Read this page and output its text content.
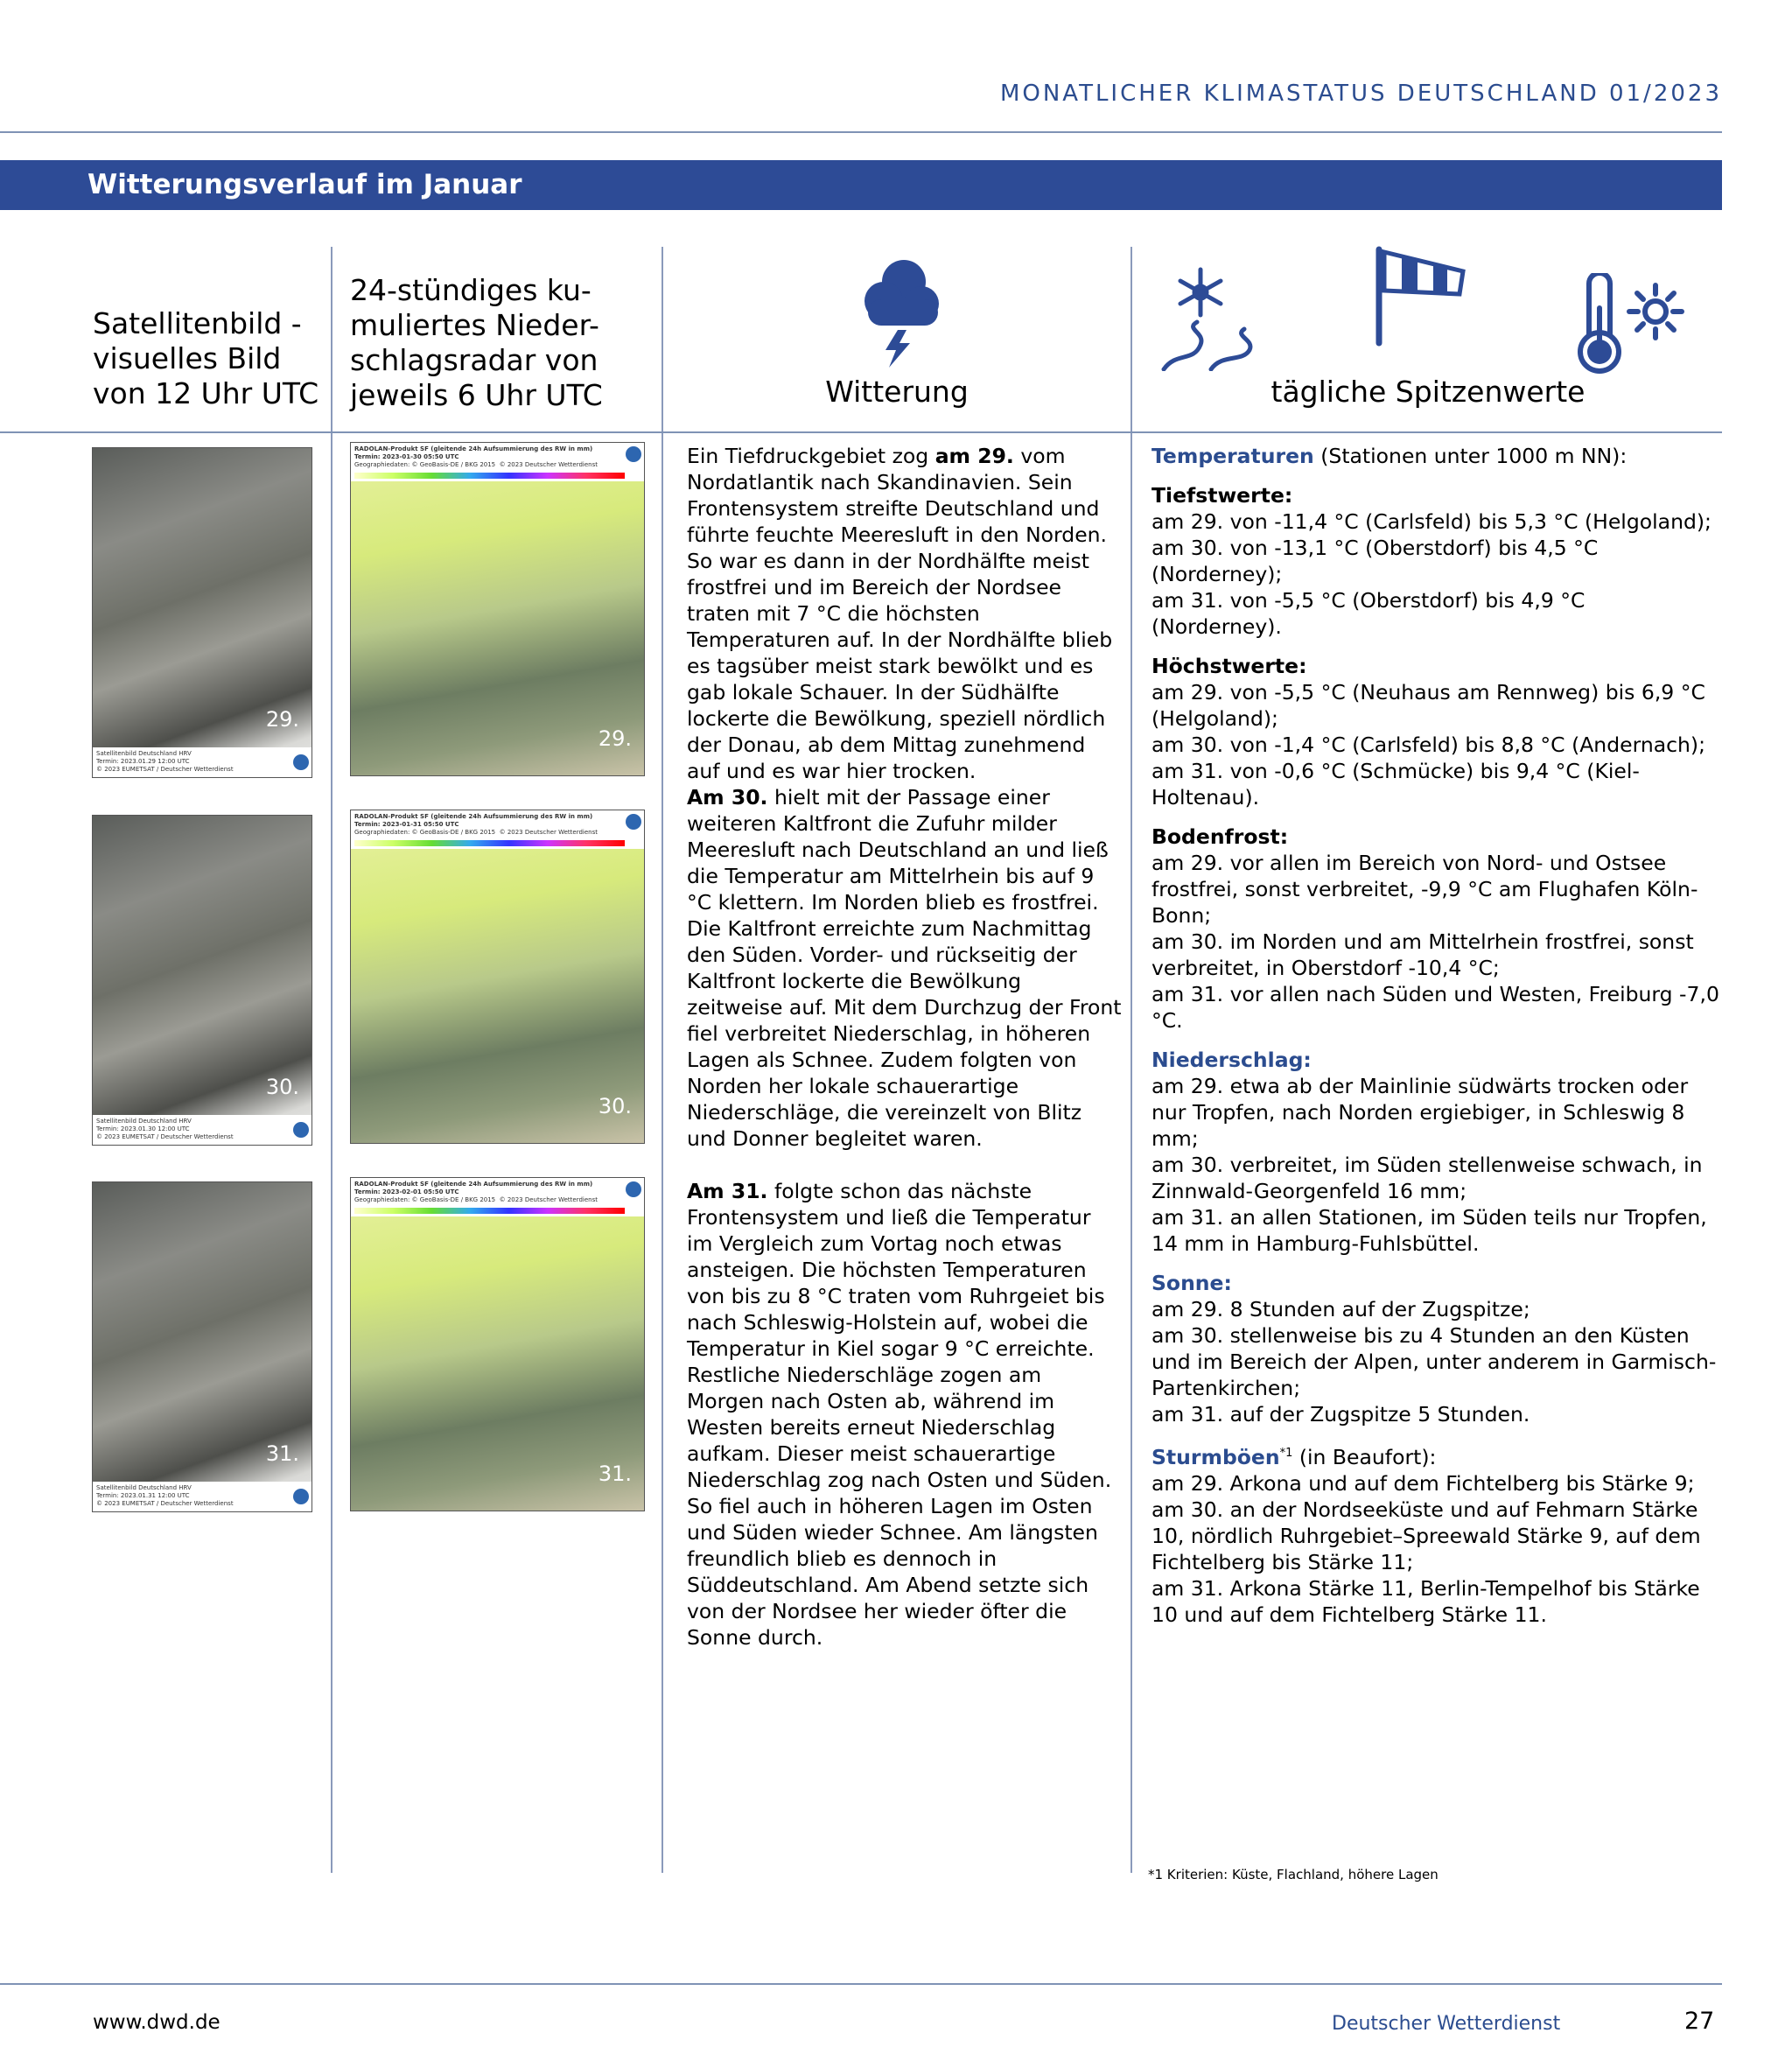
MONATLICHER KLIMASTATUS DEUTSCHLAND 01/2023
Witterungsverlauf im Januar
Satellitenbild -
visuelles Bild
von 12 Uhr UTC
24-stündiges ku-
muliertes Nieder-
schlagsradar von
jeweils 6 Uhr UTC	Witterung	tägliche Spitzenwerte
29.
Satellitenbild Deutschland HRV
Termin: 2023.01.29 12:00 UTC
© 2023 EUMETSAT / Deutscher Wetterdienst
RADOLAN-Produkt SF (gleitende 24h Aufsummierung des RW in mm)
Termin: 2023-01-30 05:50 UTC
Geographiedaten: © GeoBasis-DE / BKG 2015 © 2023 Deutscher Wetterdienst
29.
30.
Satellitenbild Deutschland HRV
Termin: 2023.01.30 12:00 UTC
© 2023 EUMETSAT / Deutscher Wetterdienst
RADOLAN-Produkt SF (gleitende 24h Aufsummierung des RW in mm)
Termin: 2023-01-31 05:50 UTC
Geographiedaten: © GeoBasis-DE / BKG 2015 © 2023 Deutscher Wetterdienst
30.
31.
Satellitenbild Deutschland HRV
Termin: 2023.01.31 12:00 UTC
© 2023 EUMETSAT / Deutscher Wetterdienst
RADOLAN-Produkt SF (gleitende 24h Aufsummierung des RW in mm)
Termin: 2023-02-01 05:50 UTC
Geographiedaten: © GeoBasis-DE / BKG 2015 © 2023 Deutscher Wetterdienst
31.

Ein Tiefdruckgebiet zog am 29. vom Nordatlantik nach Skandinavien. Sein Frontensystem streifte Deutschland und führte feuchte Meeresluft in den Norden. So war es dann in der Nordhälfte meist frostfrei und im Bereich der Nordsee traten mit 7 °C die höchsten Temperaturen auf. In der Nordhälfte blieb es tagsüber meist stark bewölkt und es gab lokale Schauer. In der Südhälfte lockerte die Bewölkung, speziell nördlich der Donau, ab dem Mittag zunehmend auf und es war hier trocken.
Am 30. hielt mit der Passage einer weiteren Kaltfront die Zufuhr milder Meeresluft nach Deutschland an und ließ die Temperatur am Mittelrhein bis auf 9 °C klettern. Im Norden blieb es frostfrei. Die Kaltfront erreichte zum Nachmittag den Süden. Vorder- und rückseitig der Kaltfront lockerte die Bewölkung zeitweise auf. Mit dem Durchzug der Front fiel verbreitet Niederschlag, in höheren Lagen als Schnee. Zudem folgten von Norden her lokale schauerartige Niederschläge, die vereinzelt von Blitz und Donner begleitet waren.

Am 31. folgte schon das nächste Frontensystem und ließ die Temperatur im Vergleich zum Vortag noch etwas ansteigen. Die höchsten Temperaturen von bis zu 8 °C traten vom Ruhrgeiet bis nach Schleswig-Holstein auf, wobei die Temperatur in Kiel sogar 9 °C erreichte. Restliche Niederschläge zogen am Morgen nach Osten ab, während im Westen bereits erneut Niederschlag aufkam. Dieser meist schauerartige Niederschlag zog nach Osten und Süden. So fiel auch in höheren Lagen im Osten und Süden wieder Schnee. Am längsten freundlich blieb es dennoch in Süddeutschland. Am Abend setzte sich von der Nordsee her wieder öfter die Sonne durch.

Temperaturen (Stationen unter 1000 m NN):
Tiefstwerte:
am 29. von -11,4 °C (Carlsfeld) bis 5,3 °C (Helgoland);
am 30. von -13,1 °C (Oberstdorf) bis 4,5 °C (Norderney);
am 31. von -5,5 °C (Oberstdorf) bis 4,9 °C (Norderney).
Höchstwerte:
am 29. von -5,5 °C (Neuhaus am Rennweg) bis 6,9 °C (Helgoland);
am 30. von -1,4 °C (Carlsfeld) bis 8,8 °C (Andernach);
am 31. von -0,6 °C (Schmücke) bis 9,4 °C (Kiel-Holtenau).
Bodenfrost:
am 29. vor allen im Bereich von Nord- und Ostsee frostfrei, sonst verbreitet, -9,9 °C am Flughafen Köln-Bonn;
am 30. im Norden und am Mittelrhein frostfrei, sonst verbreitet, in Oberstdorf -10,4 °C;
am 31. vor allen nach Süden und Westen, Freiburg -7,0 °C.
Niederschlag:
am 29. etwa ab der Mainlinie südwärts trocken oder nur Tropfen, nach Norden ergiebiger, in Schleswig 8 mm;
am 30. verbreitet, im Süden stellenweise schwach, in Zinnwald-Georgenfeld 16 mm;
am 31. an allen Stationen, im Süden teils nur Tropfen, 14 mm in Hamburg-Fuhlsbüttel.
Sonne:
am 29. 8 Stunden auf der Zugspitze;
am 30. stellenweise bis zu 4 Stunden an den Küsten und im Bereich der Alpen, unter anderem in Garmisch-Partenkirchen;
am 31. auf der Zugspitze 5 Stunden.
Sturmböen$^{*1}$ (in Beaufort):
am 29. Arkona und auf dem Fichtelberg bis Stärke 9;
am 30. an der Nordseeküste und auf Fehmarn Stärke 10, nördlich Ruhrgebiet–Spreewald Stärke 9, auf dem Fichtelberg bis Stärke 11;
am 31. Arkona Stärke 11, Berlin-Tempelhof bis Stärke 10 und auf dem Fichtelberg Stärke 11.
*1 Kriterien: Küste, Flachland, höhere Lagen
www.dwd.de	Deutscher Wetterdienst	27
